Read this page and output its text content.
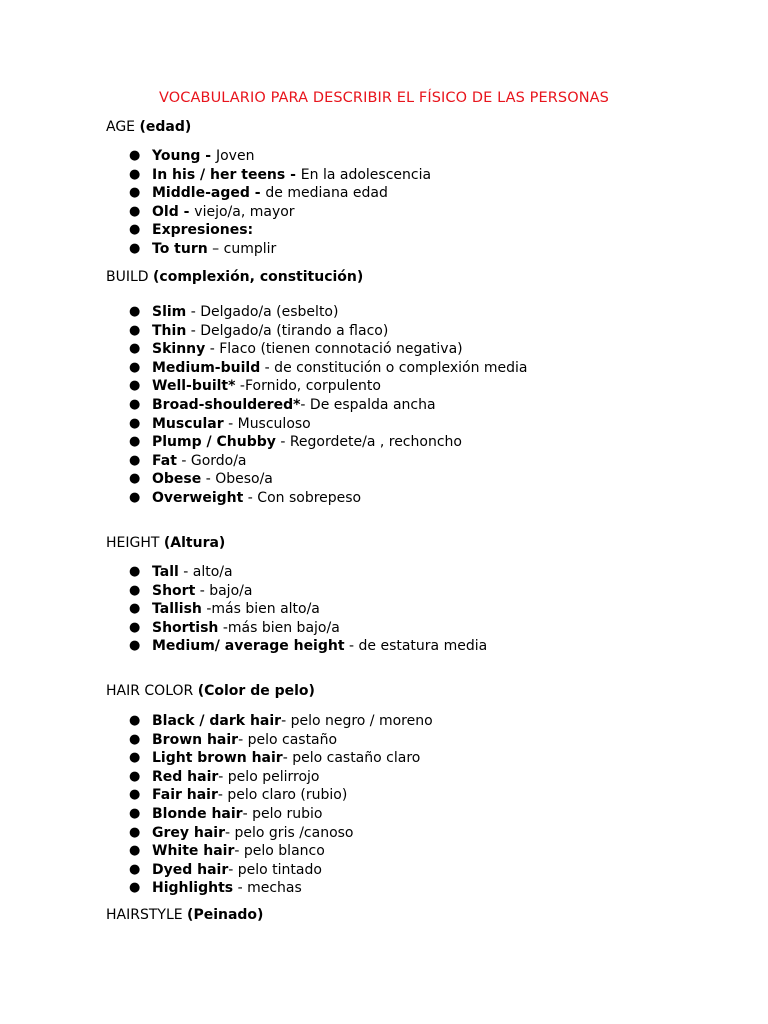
VOCABULARIO PARA DESCRIBIR EL FÍSICO DE LAS PERSONAS
AGE (edad)
● Young - Joven
● In his / her teens - En la adolescencia
● Middle-aged - de mediana edad
● Old - viejo/a, mayor
● Expresiones:
● To turn – cumplir
BUILD (complexión, constitución)
● Slim - Delgado/a (esbelto)
● Thin - Delgado/a (tirando a flaco)
● Skinny - Flaco (tienen connotació negativa)
● Medium-build - de constitución o complexión media
● Well-built* -Fornido, corpulento
● Broad-shouldered*- De espalda ancha
● Muscular - Musculoso
● Plump / Chubby - Regordete/a , rechoncho
● Fat - Gordo/a
● Obese - Obeso/a
● Overweight - Con sobrepeso
HEIGHT (Altura)
● Tall - alto/a
● Short - bajo/a
● Tallish -más bien alto/a
● Shortish -más bien bajo/a
● Medium/ average height - de estatura media
HAIR COLOR (Color de pelo)
● Black / dark hair- pelo negro / moreno
● Brown hair- pelo castaño
● Light brown hair- pelo castaño claro
● Red hair- pelo pelirrojo
● Fair hair- pelo claro (rubio)
● Blonde hair- pelo rubio
● Grey hair- pelo gris /canoso
● White hair- pelo blanco
● Dyed hair- pelo tintado
● Highlights - mechas
HAIRSTYLE (Peinado)
